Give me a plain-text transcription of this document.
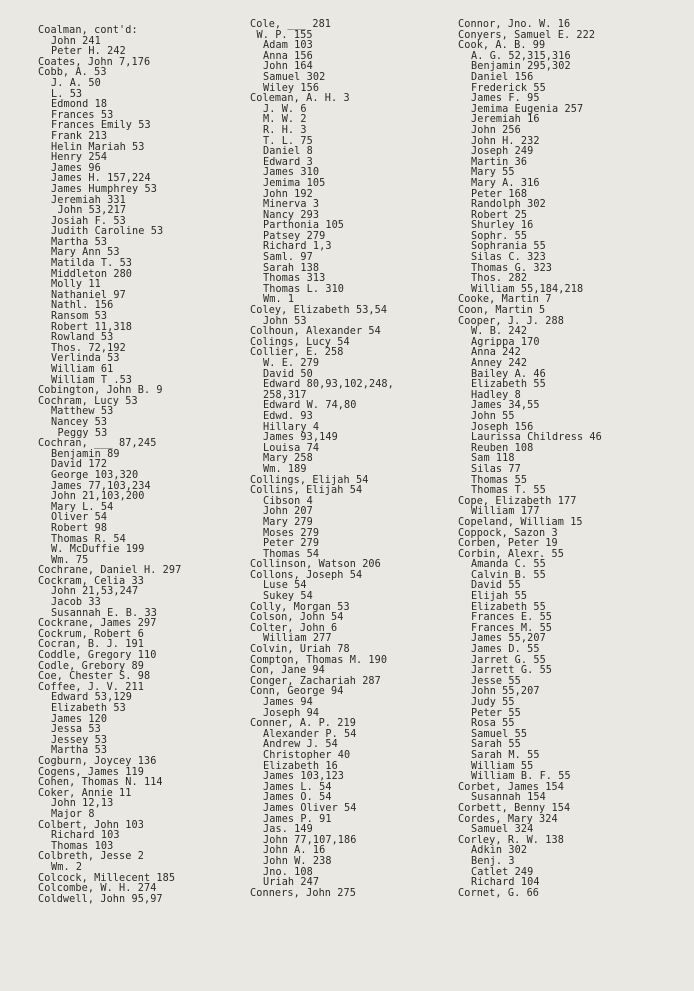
Coalman, cont'd:
John 241
Peter H. 242
Coates, John 7,176
Cobb, A. 53
J. A. 50
L. 53
Edmond 18
Frances 53
Frances Emily 53
Frank 213
Helin Mariah 53
Henry 254
James 96
James H. 157,224
James Humphrey 53
Jeremiah 331
John 53,217
Josiah F. 53
Judith Caroline 53
Martha 53
Mary Ann 53
Matilda T. 53
Middleton 280
Molly 11
Nathaniel 97
Nathl. 156
Ransom 53
Robert 11,318
Rowland 53
Thos. 72,192
Verlinda 53
William 61
William T .53
Cobington, John B. 9
Cochram, Lucy 53
Matthew 53
Nancey 53
Peggy 53
Cochran, ___ 87,245
Benjamin 89
David 172
George 103,320
James 77,103,234
John 21,103,200
Mary L. 54
Oliver 54
Robert 98
Thomas R. 54
W. McDuffie 199
Wm. 75
Cochrane, Daniel H. 297
Cockram, Celia 33
John 21,53,247
Jacob 33
Susannah E. B. 33
Cockrane, James 297
Cockrum, Robert 6
Cocran, B. J. 191
Coddle, Gregory 110
Codle, Grebory 89
Coe, Chester S. 98
Coffee, J. V. 211
Edward 53,129
Elizabeth 53
James 120
Jessa 53
Jessey 53
Martha 53
Cogburn, Joycey 136
Cogens, James 119
Cohen, Thomas N. 114
Coker, Annie 11
John 12,13
Major 8
Colbert, John 103
Richard 103
Thomas 103
Colbreth, Jesse 2
Wm. 2
Colcock, Millecent 185
Colcombe, W. H. 274
Coldwell, John 95,97
Cole, ___ 281
W. P. 155
Adam 103
Anna 156
John 164
Samuel 302
Wiley 156
Coleman, A. H. 3
J. W. 6
M. W. 2
R. H. 3
T. L. 75
Daniel 8
Edward 3
James 310
Jemima 105
John 192
Minerva 3
Nancy 293
Parthonia 105
Patsey 279
Richard 1,3
Saml. 97
Sarah 138
Thomas 313
Thomas L. 310
Wm. 1
Coley, Elizabeth 53,54
John 53
Colhoun, Alexander 54
Colings, Lucy 54
Collier, E. 258
W. E. 279
David 50
Edward 80,93,102,248,
258,317
Edward W. 74,80
Edwd. 93
Hillary 4
James 93,149
Louisa 74
Mary 258
Wm. 189
Collings, Elijah 54
Collins, Elijah 54
Cibson 4
John 207
Mary 279
Moses 279
Peter 279
Thomas 54
Collinson, Watson 206
Collons, Joseph 54
Luse 54
Sukey 54
Colly, Morgan 53
Colson, John 54
Colter, John 6
William 277
Colvin, Uriah 78
Compton, Thomas M. 190
Con, Jane 94
Conger, Zachariah 287
Conn, George 94
James 94
Joseph 94
Conner, A. P. 219
Alexander P. 54
Andrew J. 54
Christopher 40
Elizabeth 16
James 103,123
James L. 54
James O. 54
James Oliver 54
James P. 91
Jas. 149
John 77,107,186
John A. 16
John W. 238
Jno. 108
Uriah 247
Conners, John 275
Connor, Jno. W. 16
Conyers, Samuel E. 222
Cook, A. B. 99
A. G. 52,315,316
Benjamin 295,302
Daniel 156
Frederick 55
James F. 95
Jemima Eugenia 257
Jeremiah 16
John 256
John H. 232
Joseph 249
Martin 36
Mary 55
Mary A. 316
Peter 168
Randolph 302
Robert 25
Shurley 16
Sophr. 55
Sophrania 55
Silas C. 323
Thomas G. 323
Thos. 282
William 55,184,218
Cooke, Martin 7
Coon, Martin 5
Cooper, J. J. 288
W. B. 242
Agrippa 170
Anna 242
Anney 242
Bailey A. 46
Elizabeth 55
Hadley 8
James 34,55
John 55
Joseph 156
Laurissa Childress 46
Reuben 108
Sam 118
Silas 77
Thomas 55
Thomas T. 55
Cope, Elizabeth 177
William 177
Copeland, William 15
Coppock, Sazon 3
Corben, Peter 19
Corbin, Alexr. 55
Amanda C. 55
Calvin B. 55
David 55
Elijah 55
Elizabeth 55
Frances E. 55
Frances M. 55
James 55,207
James D. 55
Jarret G. 55
Jarrett G. 55
Jesse 55
John 55,207
Judy 55
Peter 55
Rosa 55
Samuel 55
Sarah 55
Sarah M. 55
William 55
William B. F. 55
Corbet, James 154
Susannah 154
Corbett, Benny 154
Cordes, Mary 324
Samuel 324
Corley, R. W. 138
Adkin 302
Benj. 3
Catlet 249
Richard 104
Cornet, G. 66
